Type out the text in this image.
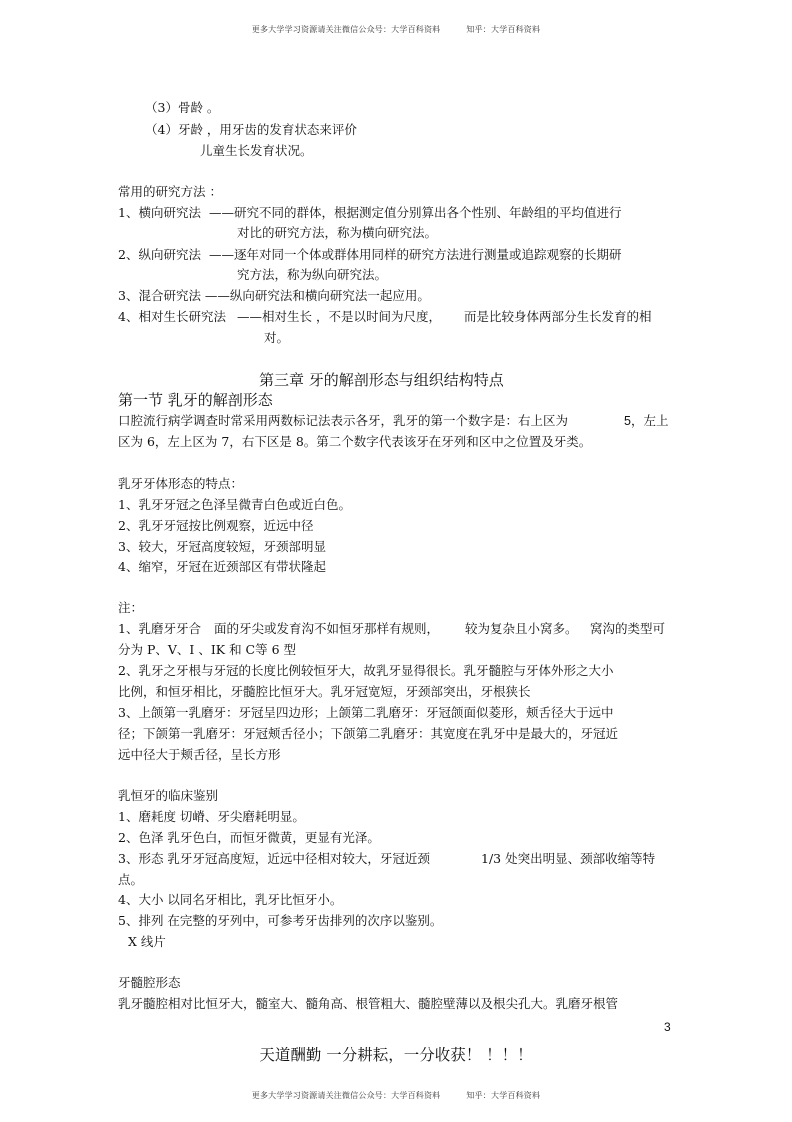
更多大学学习资源请关注微信公众号：大学百科资料	知乎：大学百科资料
（3）骨龄 。
（4）牙龄 ，用牙齿的发育状态来评价
儿童生长发育状况。
常用的研究方法 ：
1、横向研究法 ——研究不同的群体，根据测定值分别算出各个性别、年龄组的平均值进行
对比的研究方法，称为横向研究法。
2、纵向研究法 ——逐年对同一个体或群体用同样的研究方法进行测量或追踪观察的长期研
究方法，称为纵向研究法。
3、混合研究法 ——纵向研究法和横向研究法一起应用。
4、相对生长研究法 ——相对生长 ，不是以时间为尺度， 而是比较身体两部分生长发育的相
对。
第三章 牙的解剖形态与组织结构特点
第一节 乳牙的解剖形态
口腔流行病学调查时常采用两数标记法表示各牙，乳牙的第一个数字是：右上区为	5，左上
区为 6，左上区为 7，右下区是 8。第二个数字代表该牙在牙列和区中之位置及牙类。
乳牙牙体形态的特点：
1、乳牙牙冠之色泽呈微青白色或近白色。
2、乳牙牙冠按比例观察，近远中径
3、较大，牙冠高度较短，牙颈部明显
4、缩窄，牙冠在近颈部区有带状隆起
注：
1、乳磨牙牙合 面的牙尖或发育沟不如恒牙那样有规则， 较为复杂且小窝多。 窝沟的类型可
分为 P、V、I 、IK 和 C等 6 型
2、乳牙之牙根与牙冠的长度比例较恒牙大，故乳牙显得很长。乳牙髓腔与牙体外形之大小
比例，和恒牙相比，牙髓腔比恒牙大。乳牙冠宽短，牙颈部突出，牙根狭长
3、上颌第一乳磨牙：牙冠呈四边形；上颌第二乳磨牙：牙冠颌面似菱形，颊舌径大于远中
径；下颌第一乳磨牙：牙冠颊舌径小；下颌第二乳磨牙：其宽度在乳牙中是最大的，牙冠近
远中径大于颊舌径，呈长方形
乳恒牙的临床鉴别
1、磨耗度 切嵴、牙尖磨耗明显。
2、色泽 乳牙色白，而恒牙微黄，更显有光泽。
3、形态 乳牙牙冠高度短，近远中径相对较大，牙冠近颈	1/3 处突出明显、颈部收缩等特
点。
4、大小 以同名牙相比，乳牙比恒牙小。
5、排列 在完整的牙列中，可参考牙齿排列的次序以鉴别。
X 线片
牙髓腔形态
乳牙髓腔相对比恒牙大，髓室大、髓角高、根管粗大、髓腔壁薄以及根尖孔大。乳磨牙根管
3
天道酬勤 一分耕耘，一分收获！ ！！！
更多大学学习资源请关注微信公众号：大学百科资料	知乎：大学百科资料
